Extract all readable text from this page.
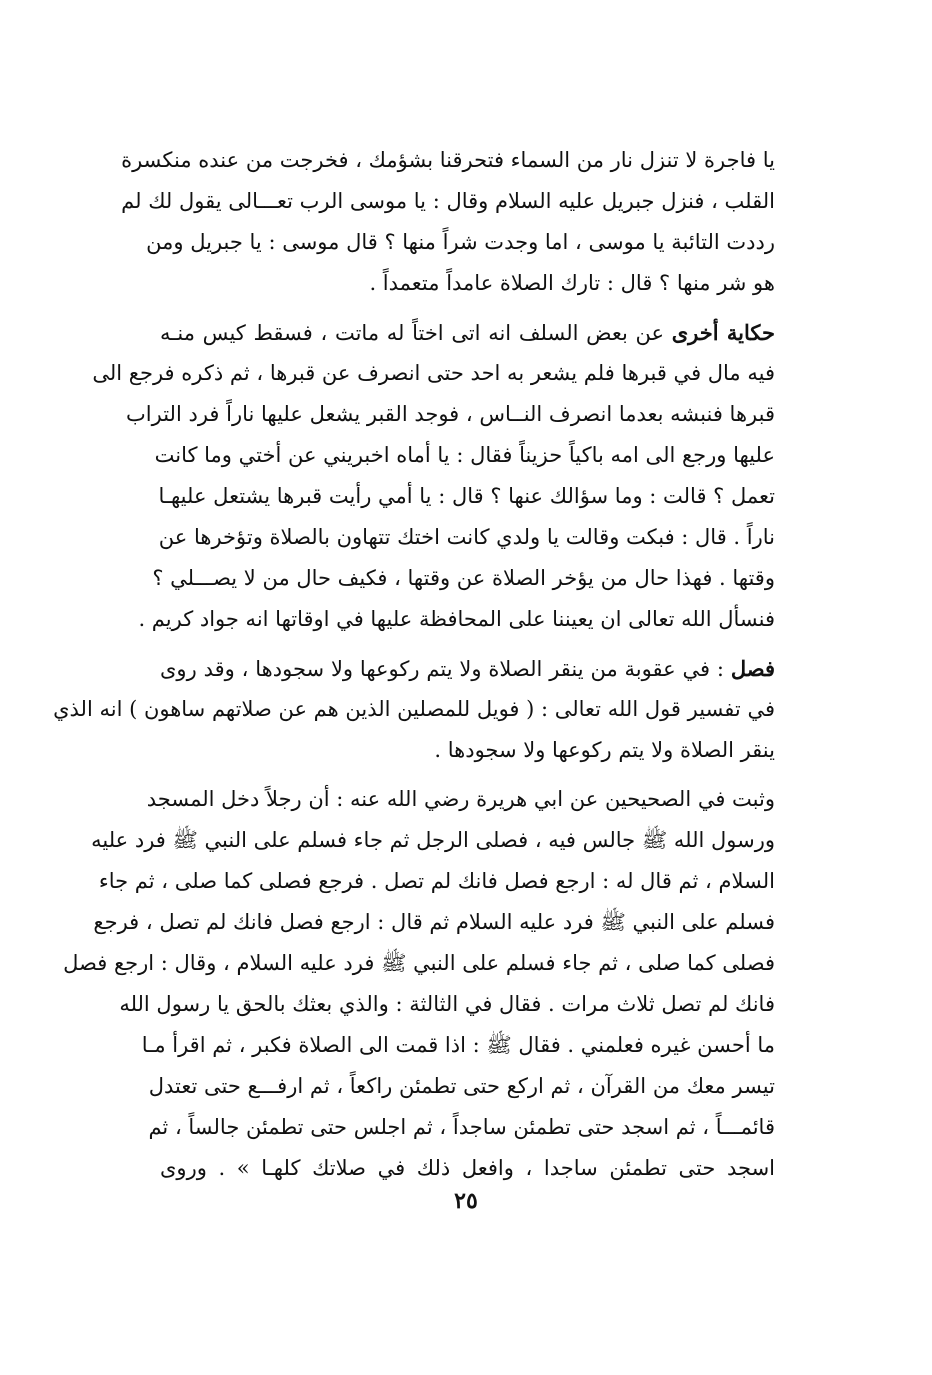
يا فاجرة لا تنزل نار من السماء فتحرقنا بشؤمك ، فخرجت من عنده منكسرة
القلب ، فنزل جبريل عليه السلام وقال : يا موسى الرب تعـــالى يقول لك لم
رددت التائبة يا موسى ، اما وجدت شراً منها ؟ قال موسى : يا جبريل ومن
هو شر منها ؟ قال : تارك الصلاة عامداً متعمداً .
حكاية أخرى عن بعض السلف انه اتى اختاً له ماتت ، فسقط كيس منـه
فيه مال في قبرها فلم يشعر به احد حتى انصرف عن قبرها ، ثم ذكره فرجع الى
قبرها فنبشه بعدما انصرف النــاس ، فوجد القبر يشعل عليها ناراً فرد التراب
عليها ورجع الى امه باكياً حزيناً فقال : يا أماه اخبريني عن أختي وما كانت
تعمل ؟ قالت : وما سؤالك عنها ؟ قال : يا أمي رأيت قبرها يشتعل عليهـا
ناراً . قال : فبكت وقالت يا ولدي كانت اختك تتهاون بالصلاة وتؤخرها عن
وقتها . فهذا حال من يؤخر الصلاة عن وقتها ، فكيف حال من لا يصـــلي ؟
فنسأل الله تعالى ان يعيننا على المحافظة عليها في اوقاتها انه جواد كريم .
فصل : في عقوبة من ينقر الصلاة ولا يتم ركوعها ولا سجودها ، وقد روى
في تفسير قول الله تعالى : ( فويل للمصلين الذين هم عن صلاتهم ساهون ) انه الذي
ينقر الصلاة ولا يتم ركوعها ولا سجودها .
وثبت في الصحيحين عن ابي هريرة رضي الله عنه : أن رجلاً دخل المسجد
ورسول الله ﷺ جالس فيه ، فصلى الرجل ثم جاء فسلم على النبي ﷺ فرد عليه
السلام ، ثم قال له : ارجع فصل فانك لم تصل . فرجع فصلى كما صلى ، ثم جاء
فسلم على النبي ﷺ فرد عليه السلام ثم قال : ارجع فصل فانك لم تصل ، فرجع
فصلى كما صلى ، ثم جاء فسلم على النبي ﷺ فرد عليه السلام ، وقال : ارجع فصل
فانك لم تصل ثلاث مرات . فقال في الثالثة : والذي بعثك بالحق يا رسول الله
ما أحسن غيره فعلمني . فقال ﷺ : اذا قمت الى الصلاة فكبر ، ثم اقرأ مـا
تيسر معك من القرآن ، ثم اركع حتى تطمئن راكعاً ، ثم ارفـــع حتى تعتدل
قائمـــاً ، ثم اسجد حتى تطمئن ساجداً ، ثم اجلس حتى تطمئن جالساً ، ثم
اسجد حتى تطمئن ساجدا ، وافعل ذلك في صلاتك كلهـا » . وروى
٢٥
